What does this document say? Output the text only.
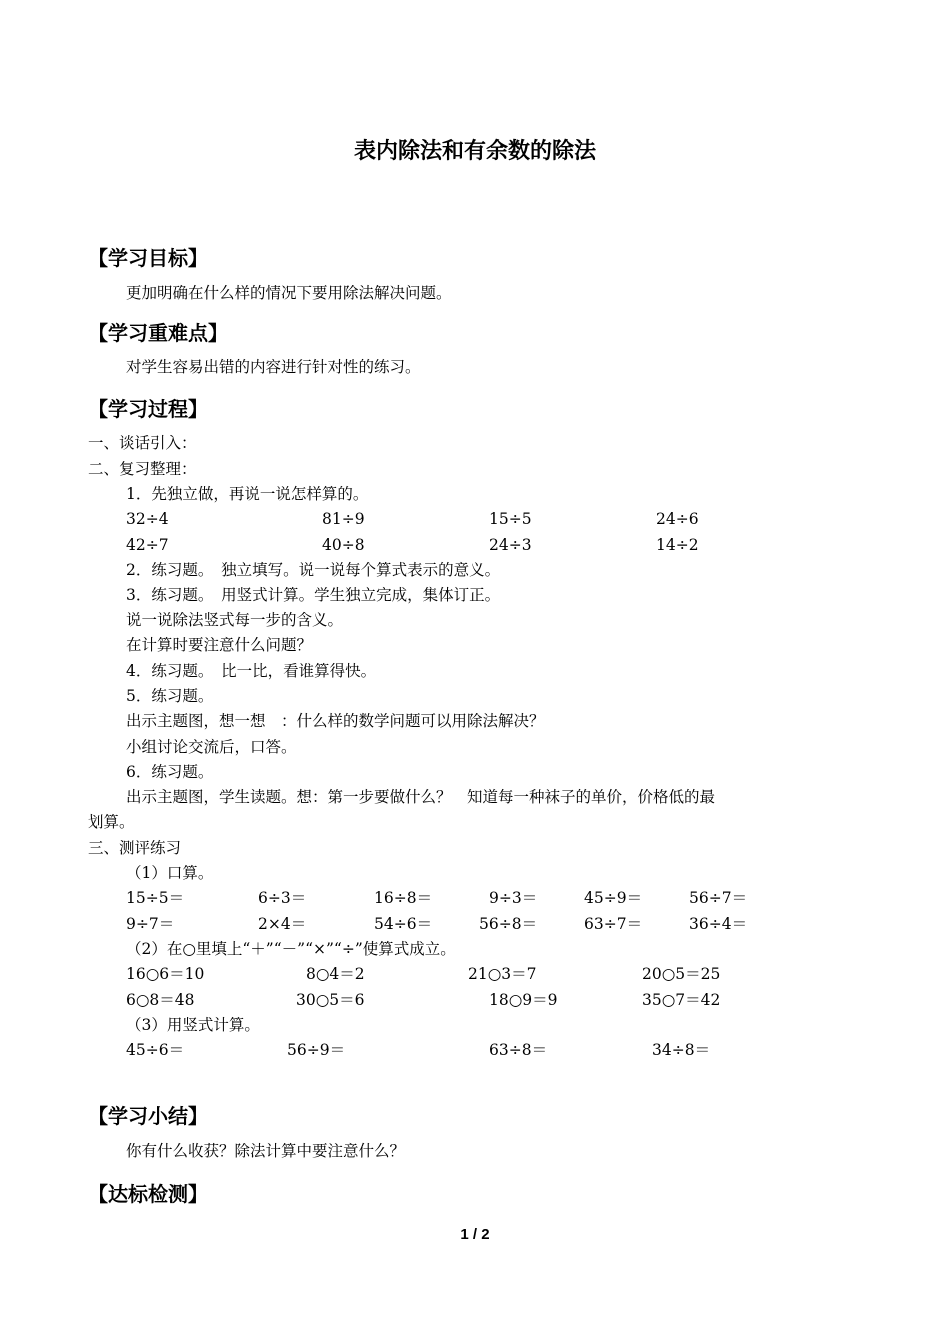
表内除法和有余数的除法
【学习目标】
更加明确在什么样的情况下要用除法解决问题。
【学习重难点】
对学生容易出错的内容进行针对性的练习。
【学习过程】
一、谈话引入：
二、复习整理：
1．先独立做，再说一说怎样算的。
32÷4	81÷9	15÷5	24÷6
42÷7	40÷8	24÷3	14÷2
2．练习题。　独立填写。说一说每个算式表示的意义。
3．练习题。　用竖式计算。学生独立完成，集体订正。
说一说除法竖式每一步的含义。
在计算时要注意什么问题？
4．练习题。　比一比，看谁算得快。
5．练习题。
出示主题图，想一想　：什么样的数学问题可以用除法解决？
小组讨论交流后，口答。
6．练习题。
出示主题图，学生读题。想：第一步要做什么？　知道每一种袜子的单价，价格低的最
划算。
三、测评练习
（1）口算。
15÷5＝	6÷3＝	16÷8＝	9÷3＝	45÷9＝	56÷7＝
9÷7＝	2×4＝	54÷6＝	56÷8＝	63÷7＝	36÷4＝
（2）在○里填上“＋”“－”“×”“÷”使算式成立。
16○6＝10	8○4＝2	21○3＝7	20○5＝25
6○8＝48	30○5＝6	18○9＝9	35○7＝42
（3）用竖式计算。
45÷6＝	56÷9＝	63÷8＝	34÷8＝
【学习小结】
你有什么收获？除法计算中要注意什么？
【达标检测】
1 / 2
